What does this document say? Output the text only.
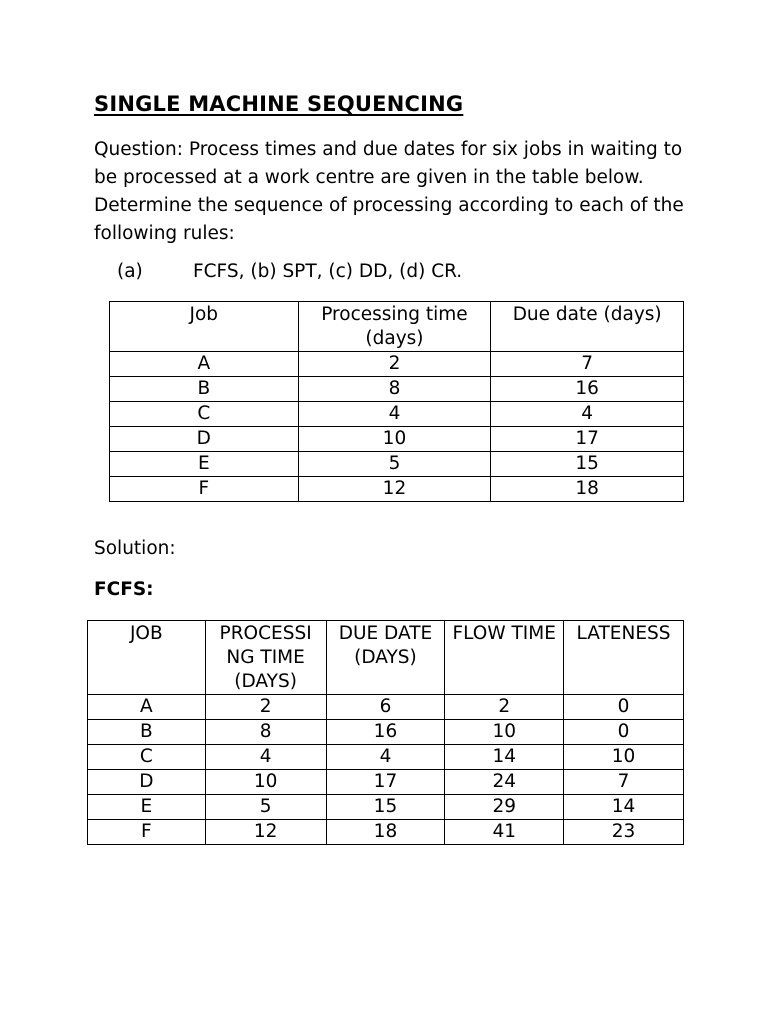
SINGLE MACHINE SEQUENCING

Question: Process times and due dates for six jobs in waiting to be processed at a work centre are given in the table below. Determine the sequence of processing according to each of the following rules:

(a)	FCFS, (b) SPT, (c) DD, (d) CR.

Job	Processing time (days)	Due date (days)
A	2	7
B	8	16
C	4	4
D	10	17
E	5	15
F	12	18

Solution:

FCFS:

JOB	PROCESSI NG TIME (DAYS)	DUE DATE (DAYS)	FLOW TIME	LATENESS
A	2	6	2	0
B	8	16	10	0
C	4	4	14	10
D	10	17	24	7
E	5	15	29	14
F	12	18	41	23
